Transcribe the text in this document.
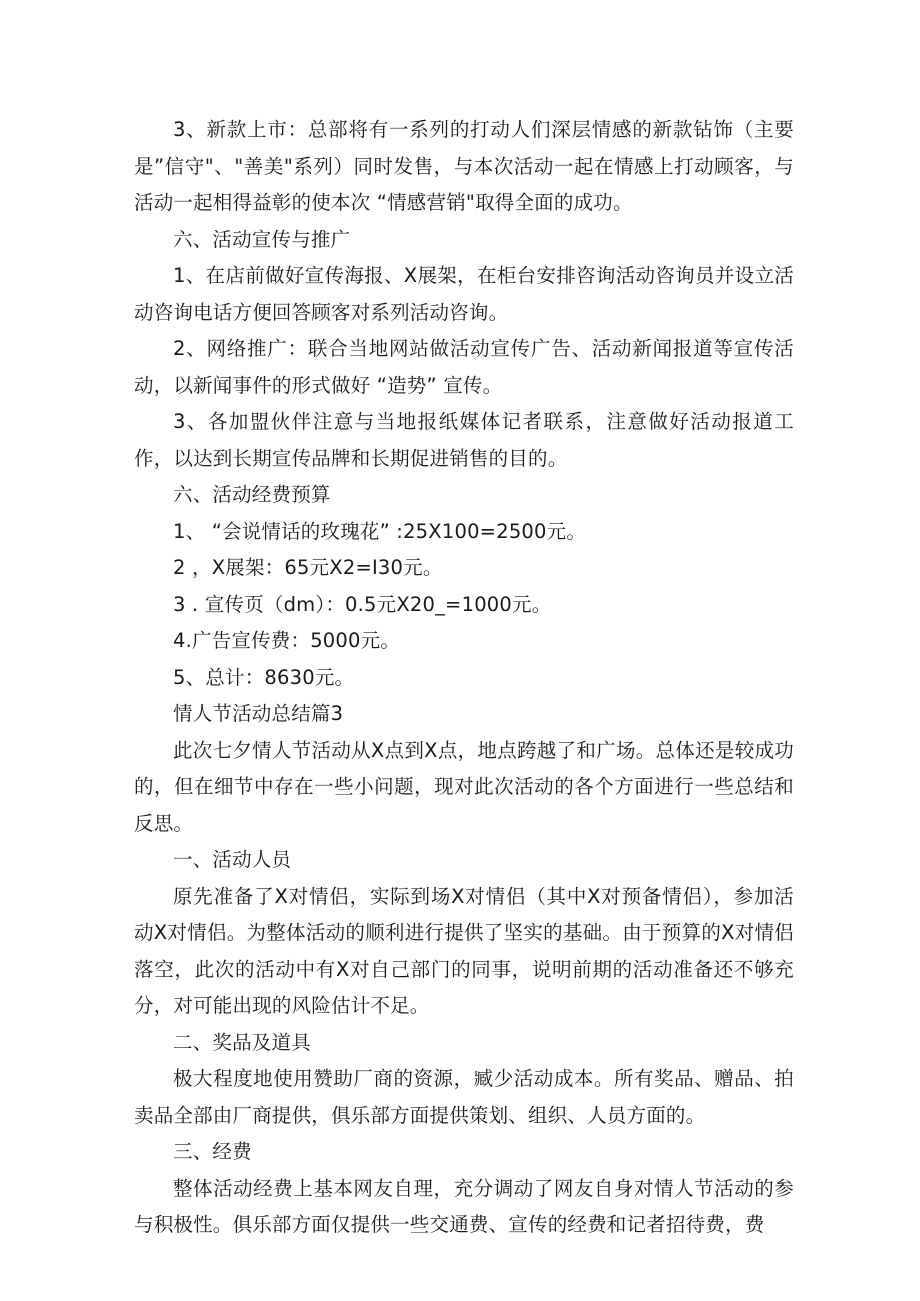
3、新款上市：总部将有一系列的打动人们深层情感的新款钻饰（主要是”信守"、"善美"系列）同时发售，与本次活动一起在情感上打动顾客，与活动一起相得益彰的使本次 “情感营销"取得全面的成功。

六、活动宣传与推广

1、在店前做好宣传海报、X展架，在柜台安排咨询活动咨询员并设立活动咨询电话方便回答顾客对系列活动咨询。

2、网络推广：联合当地网站做活动宣传广告、活动新闻报道等宣传活动，以新闻事件的形式做好 “造势” 宣传。

3、各加盟伙伴注意与当地报纸媒体记者联系，注意做好活动报道工作，以达到长期宣传品牌和长期促进销售的目的。

六、活动经费预算

1、 “会说情话的玫瑰花” :25X100=2500元。

2 ，X展架：65元X2=I30元。

3 . 宣传页（dm）：0.5元X20_=1000元。

4.广告宣传费：5000元。

5、总计：8630元。

情人节活动总结篇3

此次七夕情人节活动从X点到X点，地点跨越了和广场。总体还是较成功的，但在细节中存在一些小问题，现对此次活动的各个方面进行一些总结和反思。

一、活动人员

原先准备了X对情侣，实际到场X对情侣（其中X对预备情侣），参加活动X对情侣。为整体活动的顺利进行提供了坚实的基础。由于预算的X对情侣落空，此次的活动中有X对自己部门的同事，说明前期的活动准备还不够充分，对可能出现的风险估计不足。

二、奖品及道具

极大程度地使用赞助厂商的资源，臧少活动成本。所有奖品、赠品、拍卖品全部由厂商提供，俱乐部方面提供策划、组织、人员方面的。

三、经费

整体活动经费上基本网友自理，充分调动了网友自身对情人节活动的参与积极性。俱乐部方面仅提供一些交通费、宣传的经费和记者招待费，费
